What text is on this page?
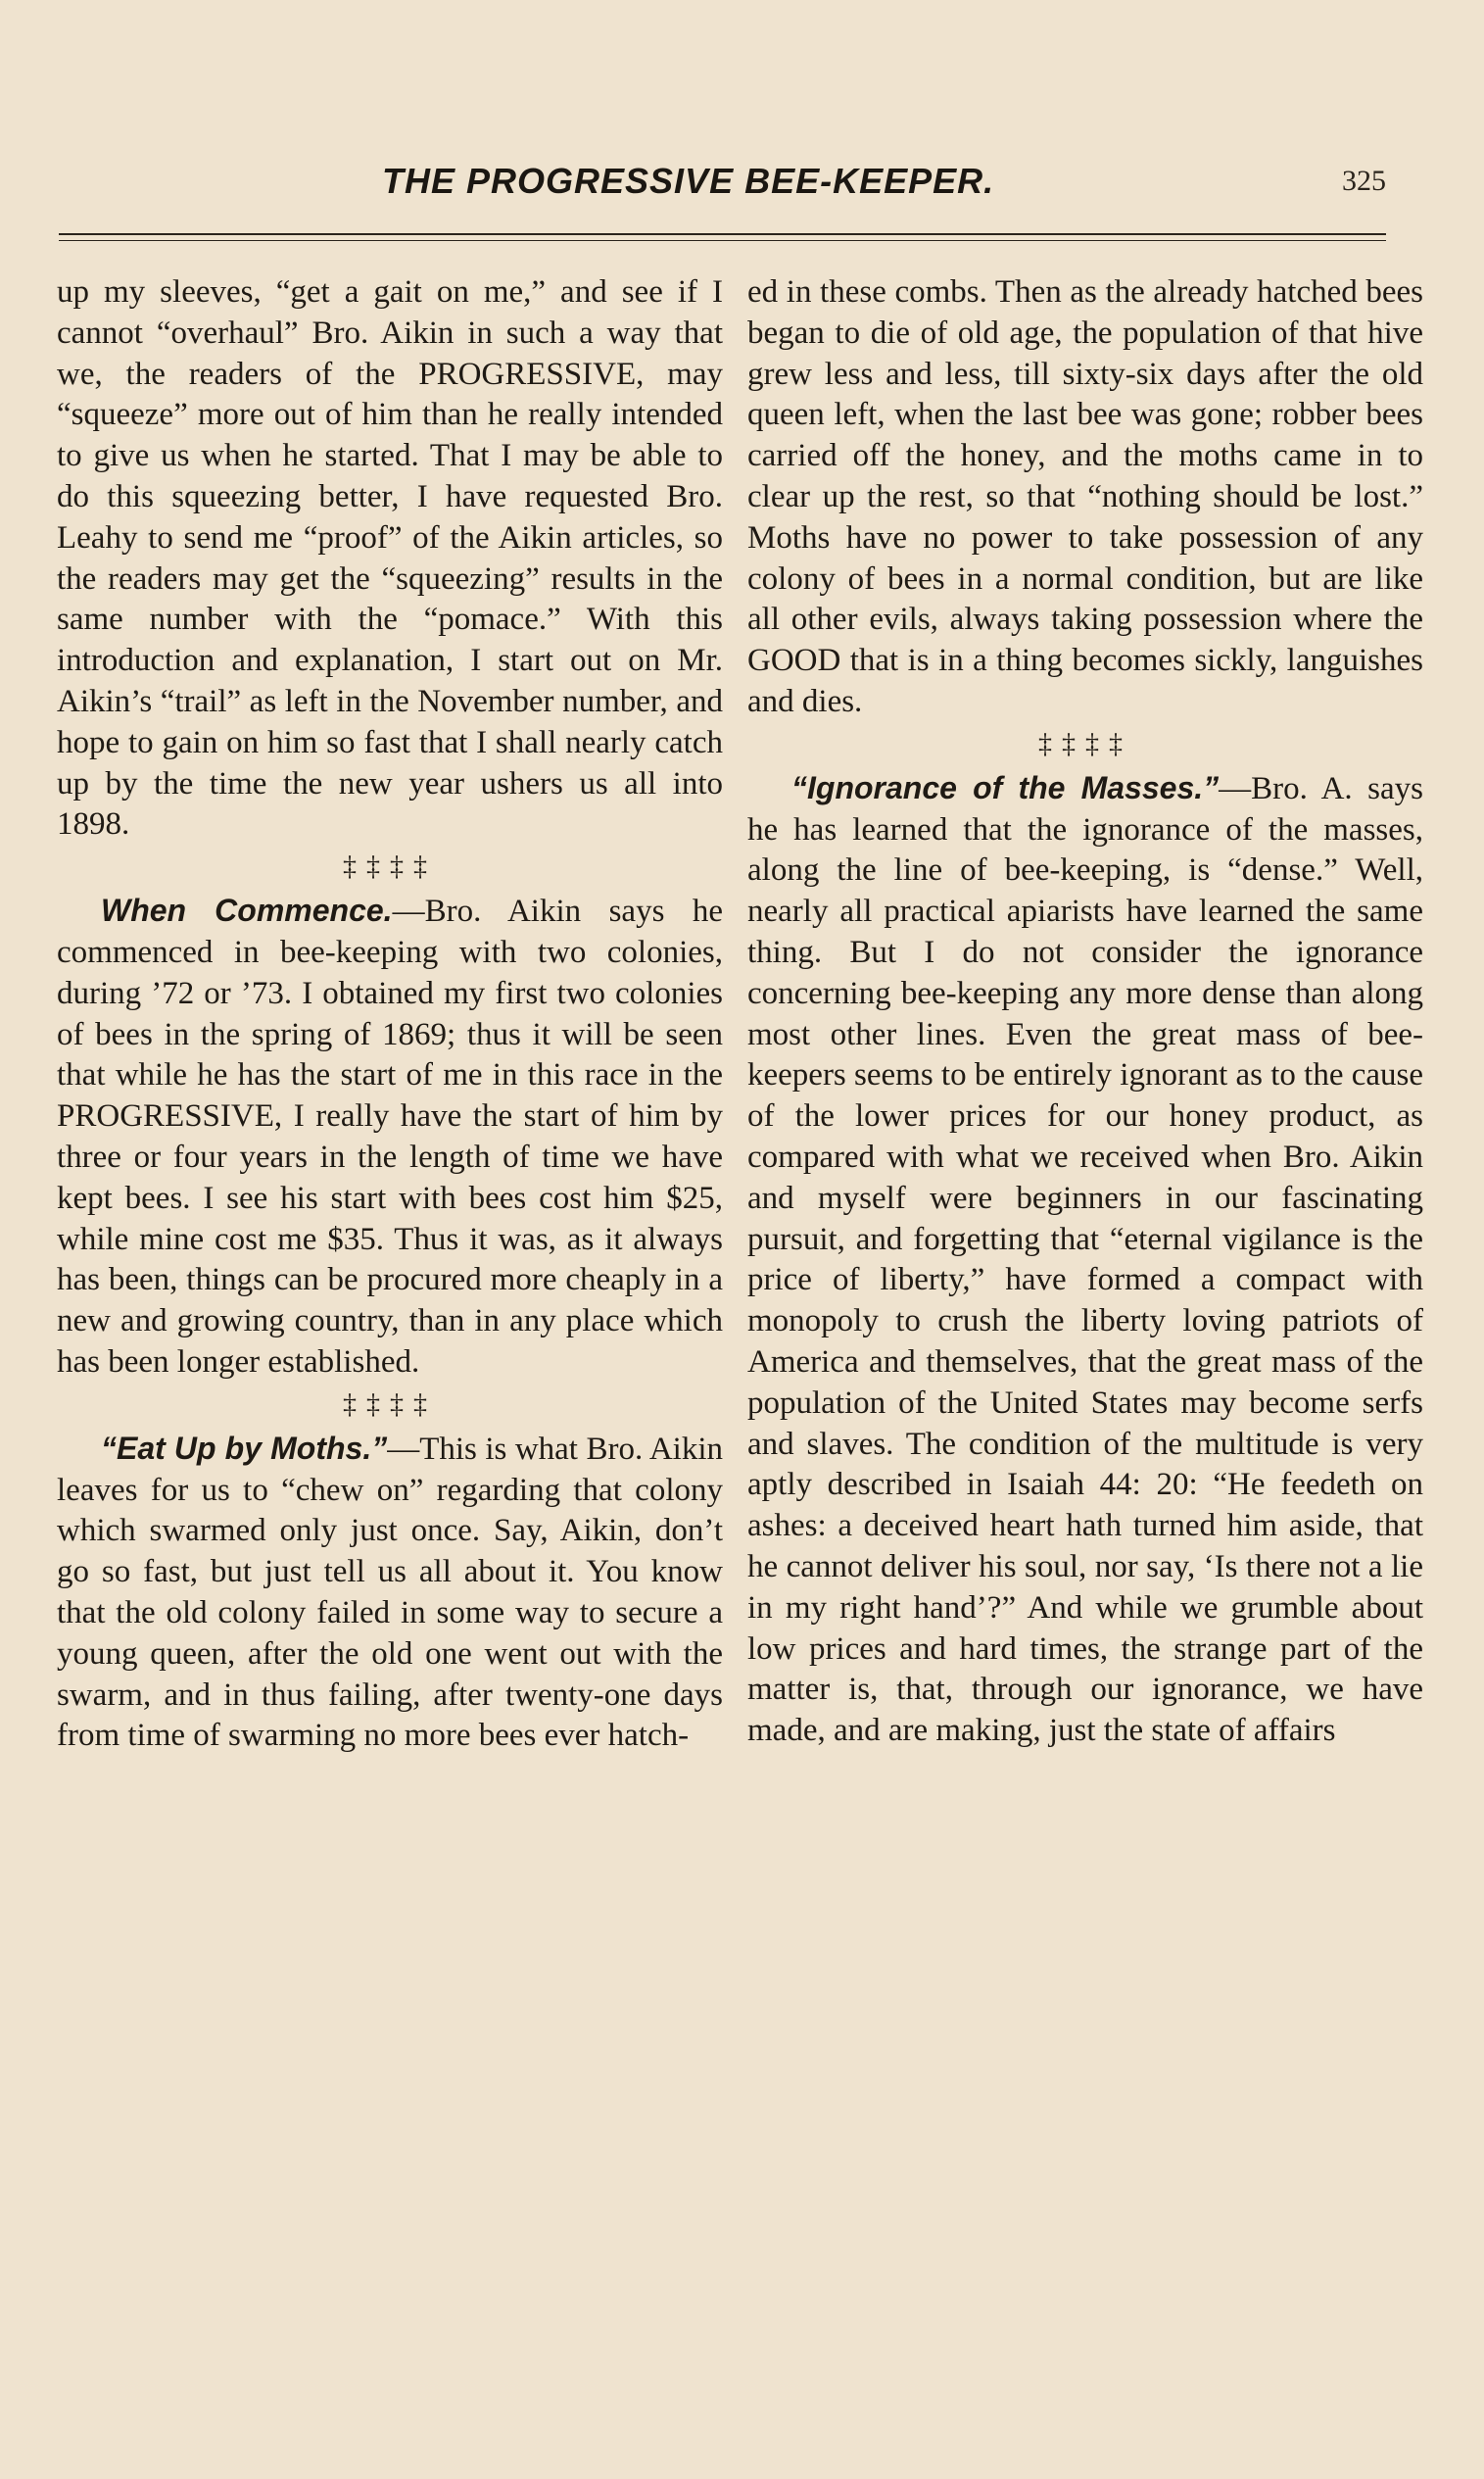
THE PROGRESSIVE BEE-KEEPER.	325

up my sleeves, “get a gait on me,” and see if I cannot “overhaul” Bro. Aikin in such a way that we, the readers of the PROGRESSIVE, may “squeeze” more out of him than he really intended to give us when he started. That I may be able to do this squeezing better, I have requested Bro. Leahy to send me “proof” of the Aikin articles, so the readers may get the “squeezing” results in the same number with the “pomace.” With this introduction and explanation, I start out on Mr. Aikin’s “trail” as left in the November number, and hope to gain on him so fast that I shall nearly catch up by the time the new year ushers us all into 1898.

‡‡‡‡

When Commence.—Bro. Aikin says he commenced in bee-keeping with two colonies, during ’72 or ’73. I obtained my first two colonies of bees in the spring of 1869; thus it will be seen that while he has the start of me in this race in the PROGRESSIVE, I really have the start of him by three or four years in the length of time we have kept bees. I see his start with bees cost him $25, while mine cost me $35. Thus it was, as it always has been, things can be procured more cheaply in a new and growing country, than in any place which has been longer established.

‡‡‡‡

“Eat Up by Moths.”—This is what Bro. Aikin leaves for us to “chew on” regarding that colony which swarmed only just once. Say, Aikin, don’t go so fast, but just tell us all about it. You know that the old colony failed in some way to secure a young queen, after the old one went out with the swarm, and in thus failing, after twenty-one days from time of swarming no more bees ever hatch-

ed in these combs. Then as the already hatched bees began to die of old age, the population of that hive grew less and less, till sixty-six days after the old queen left, when the last bee was gone; robber bees carried off the honey, and the moths came in to clear up the rest, so that “nothing should be lost.” Moths have no power to take possession of any colony of bees in a normal condition, but are like all other evils, always taking possession where the GOOD that is in a thing becomes sickly, languishes and dies.

‡‡‡‡

“Ignorance of the Masses.”—Bro. A. says he has learned that the ignorance of the masses, along the line of bee-keeping, is “dense.” Well, nearly all practical apiarists have learned the same thing. But I do not consider the ignorance concerning bee-keeping any more dense than along most other lines. Even the great mass of bee-keepers seems to be entirely ignorant as to the cause of the lower prices for our honey product, as compared with what we received when Bro. Aikin and myself were beginners in our fascinating pursuit, and forgetting that “eternal vigilance is the price of liberty,” have formed a compact with monopoly to crush the liberty loving patriots of America and themselves, that the great mass of the population of the United States may become serfs and slaves. The condition of the multitude is very aptly described in Isaiah 44: 20: “He feedeth on ashes: a deceived heart hath turned him aside, that he cannot deliver his soul, nor say, ‘Is there not a lie in my right hand’?” And while we grumble about low prices and hard times, the strange part of the matter is, that, through our ignorance, we have made, and are making, just the state of affairs
